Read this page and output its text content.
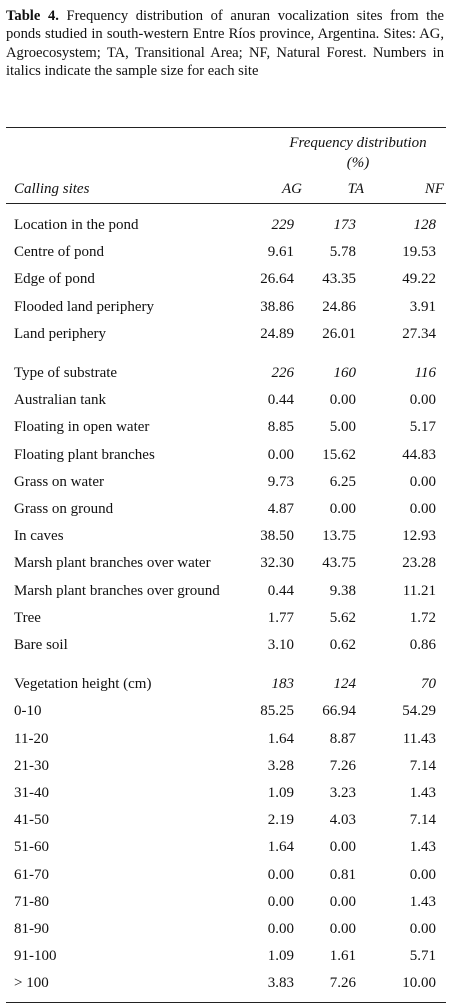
Table 4. Frequency distribution of anuran vocalization sites from the ponds studied in south-western Entre Ríos province, Argentina. Sites: AG, Agroecosystem; TA, Transitional Area; NF, Natural Forest. Numbers in italics indicate the sample size for each site
Frequency distribution
(%)
Calling sites	AG	TA	NF
Location in the pond	229	173	128
Centre of pond	9.61	5.78	19.53
Edge of pond	26.64	43.35	49.22
Flooded land periphery	38.86	24.86	3.91
Land periphery	24.89	26.01	27.34

Type of substrate	226	160	116
Australian tank	0.44	0.00	0.00
Floating in open water	8.85	5.00	5.17
Floating plant branches	0.00	15.62	44.83
Grass on water	9.73	6.25	0.00
Grass on ground	4.87	0.00	0.00
In caves	38.50	13.75	12.93
Marsh plant branches over water	32.30	43.75	23.28
Marsh plant branches over ground	0.44	9.38	11.21
Tree	1.77	5.62	1.72
Bare soil	3.10	0.62	0.86

Vegetation height (cm)	183	124	70
0-10	85.25	66.94	54.29
11-20	1.64	8.87	11.43
21-30	3.28	7.26	7.14
31-40	1.09	3.23	1.43
41-50	2.19	4.03	7.14
51-60	1.64	0.00	1.43
61-70	0.00	0.81	0.00
71-80	0.00	0.00	1.43
81-90	0.00	0.00	0.00
91-100	1.09	1.61	5.71
> 100	3.83	7.26	10.00
